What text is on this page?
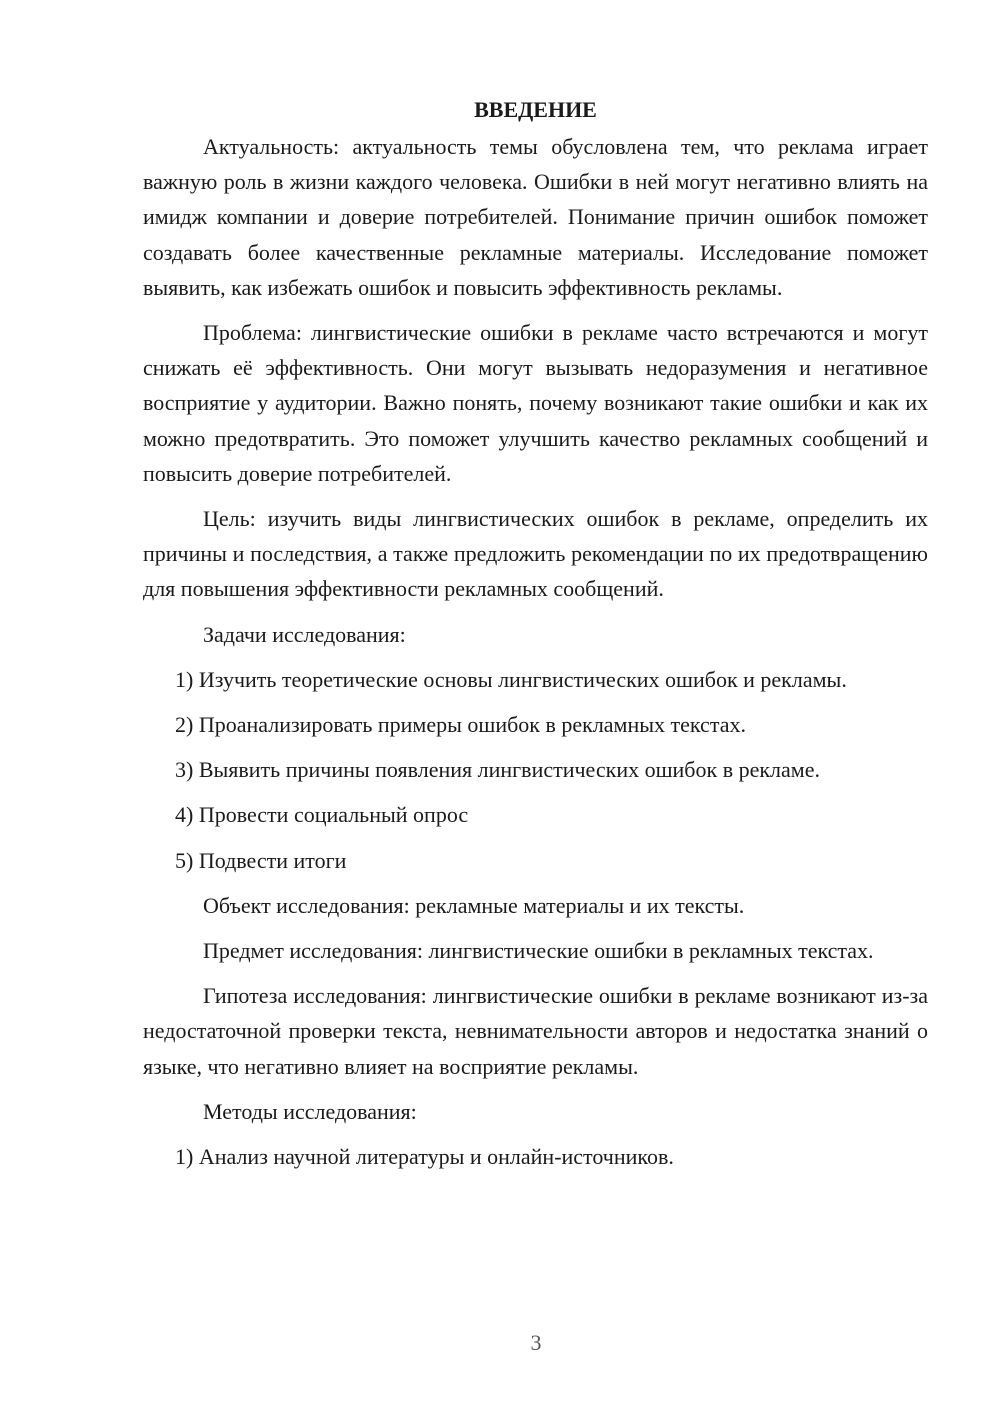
ВВЕДЕНИЕ

Актуальность: актуальность темы обусловлена тем, что реклама играет важную роль в жизни каждого человека. Ошибки в ней могут негативно влиять на имидж компании и доверие потребителей. Понимание причин ошибок поможет создавать более качественные рекламные материалы. Исследование поможет выявить, как избежать ошибок и повысить эффективность рекламы.

Проблема: лингвистические ошибки в рекламе часто встречаются и могут снижать её эффективность. Они могут вызывать недоразумения и негативное восприятие у аудитории. Важно понять, почему возникают такие ошибки и как их можно предотвратить. Это поможет улучшить качество рекламных сообщений и повысить доверие потребителей.

Цель: изучить виды лингвистических ошибок в рекламе, определить их причины и последствия, а также предложить рекомендации по их предотвращению для повышения эффективности рекламных сообщений.

Задачи исследования:

1) Изучить теоретические основы лингвистических ошибок и рекламы.

2) Проанализировать примеры ошибок в рекламных текстах.

3) Выявить причины появления лингвистических ошибок в рекламе.

4) Провести социальный опрос

5) Подвести итоги

Объект исследования: рекламные материалы и их тексты.

Предмет исследования: лингвистические ошибки в рекламных текстах.

Гипотеза исследования: лингвистические ошибки в рекламе возникают из-за недостаточной проверки текста, невнимательности авторов и недостатка знаний о языке, что негативно влияет на восприятие рекламы.

Методы исследования:

1) Анализ научной литературы и онлайн-источников.

3
